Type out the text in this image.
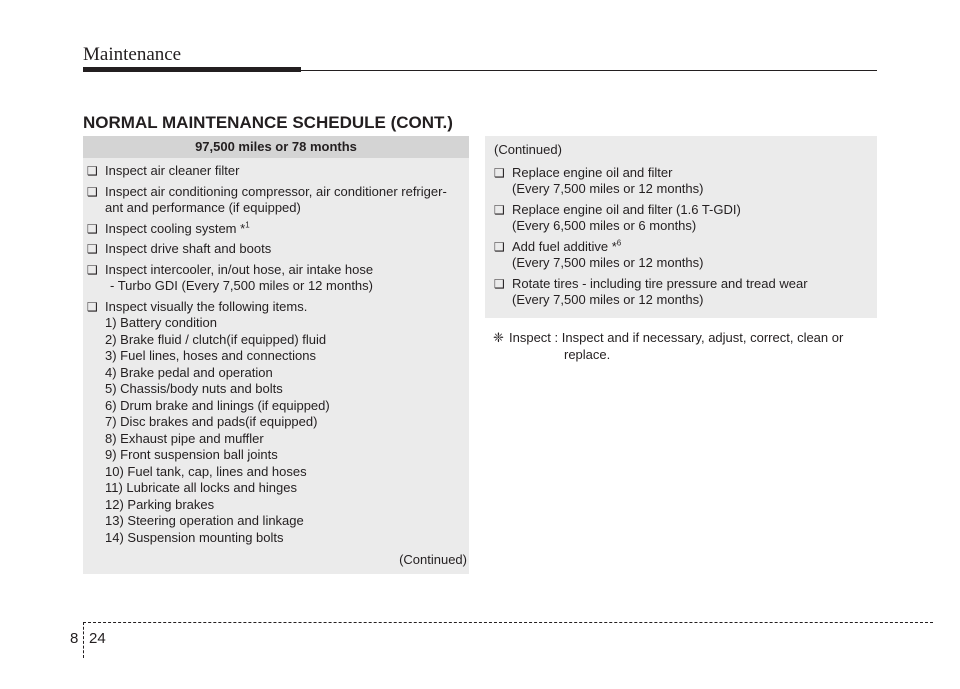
Maintenance
NORMAL MAINTENANCE SCHEDULE (CONT.)
97,500 miles or 78 months
❑ Inspect air cleaner filter
❑ Inspect air conditioning compressor, air conditioner refriger-
ant and performance (if equipped)
❑ Inspect cooling system *$^1$
❑ Inspect drive shaft and boots
❑ Inspect intercooler, in/out hose, air intake hose
- Turbo GDI (Every 7,500 miles or 12 months)
❑ Inspect visually the following items.
1) Battery condition
2) Brake fluid / clutch(if equipped) fluid
3) Fuel lines, hoses and connections
4) Brake pedal and operation
5) Chassis/body nuts and bolts
6) Drum brake and linings (if equipped)
7) Disc brakes and pads(if equipped)
8) Exhaust pipe and muffler
9) Front suspension ball joints
10) Fuel tank, cap, lines and hoses
11) Lubricate all locks and hinges
12) Parking brakes
13) Steering operation and linkage
14) Suspension mounting bolts
(Continued)
(Continued)
❑ Replace engine oil and filter
(Every 7,500 miles or 12 months)
❑ Replace engine oil and filter (1.6 T-GDI)
(Every 6,500 miles or 6 months)
❑ Add fuel additive *$^6$
(Every 7,500 miles or 12 months)
❑ Rotate tires - including tire pressure and tread wear
(Every 7,500 miles or 12 months)
❈ Inspect : Inspect and if necessary, adjust, correct, clean or
replace.
8 24
